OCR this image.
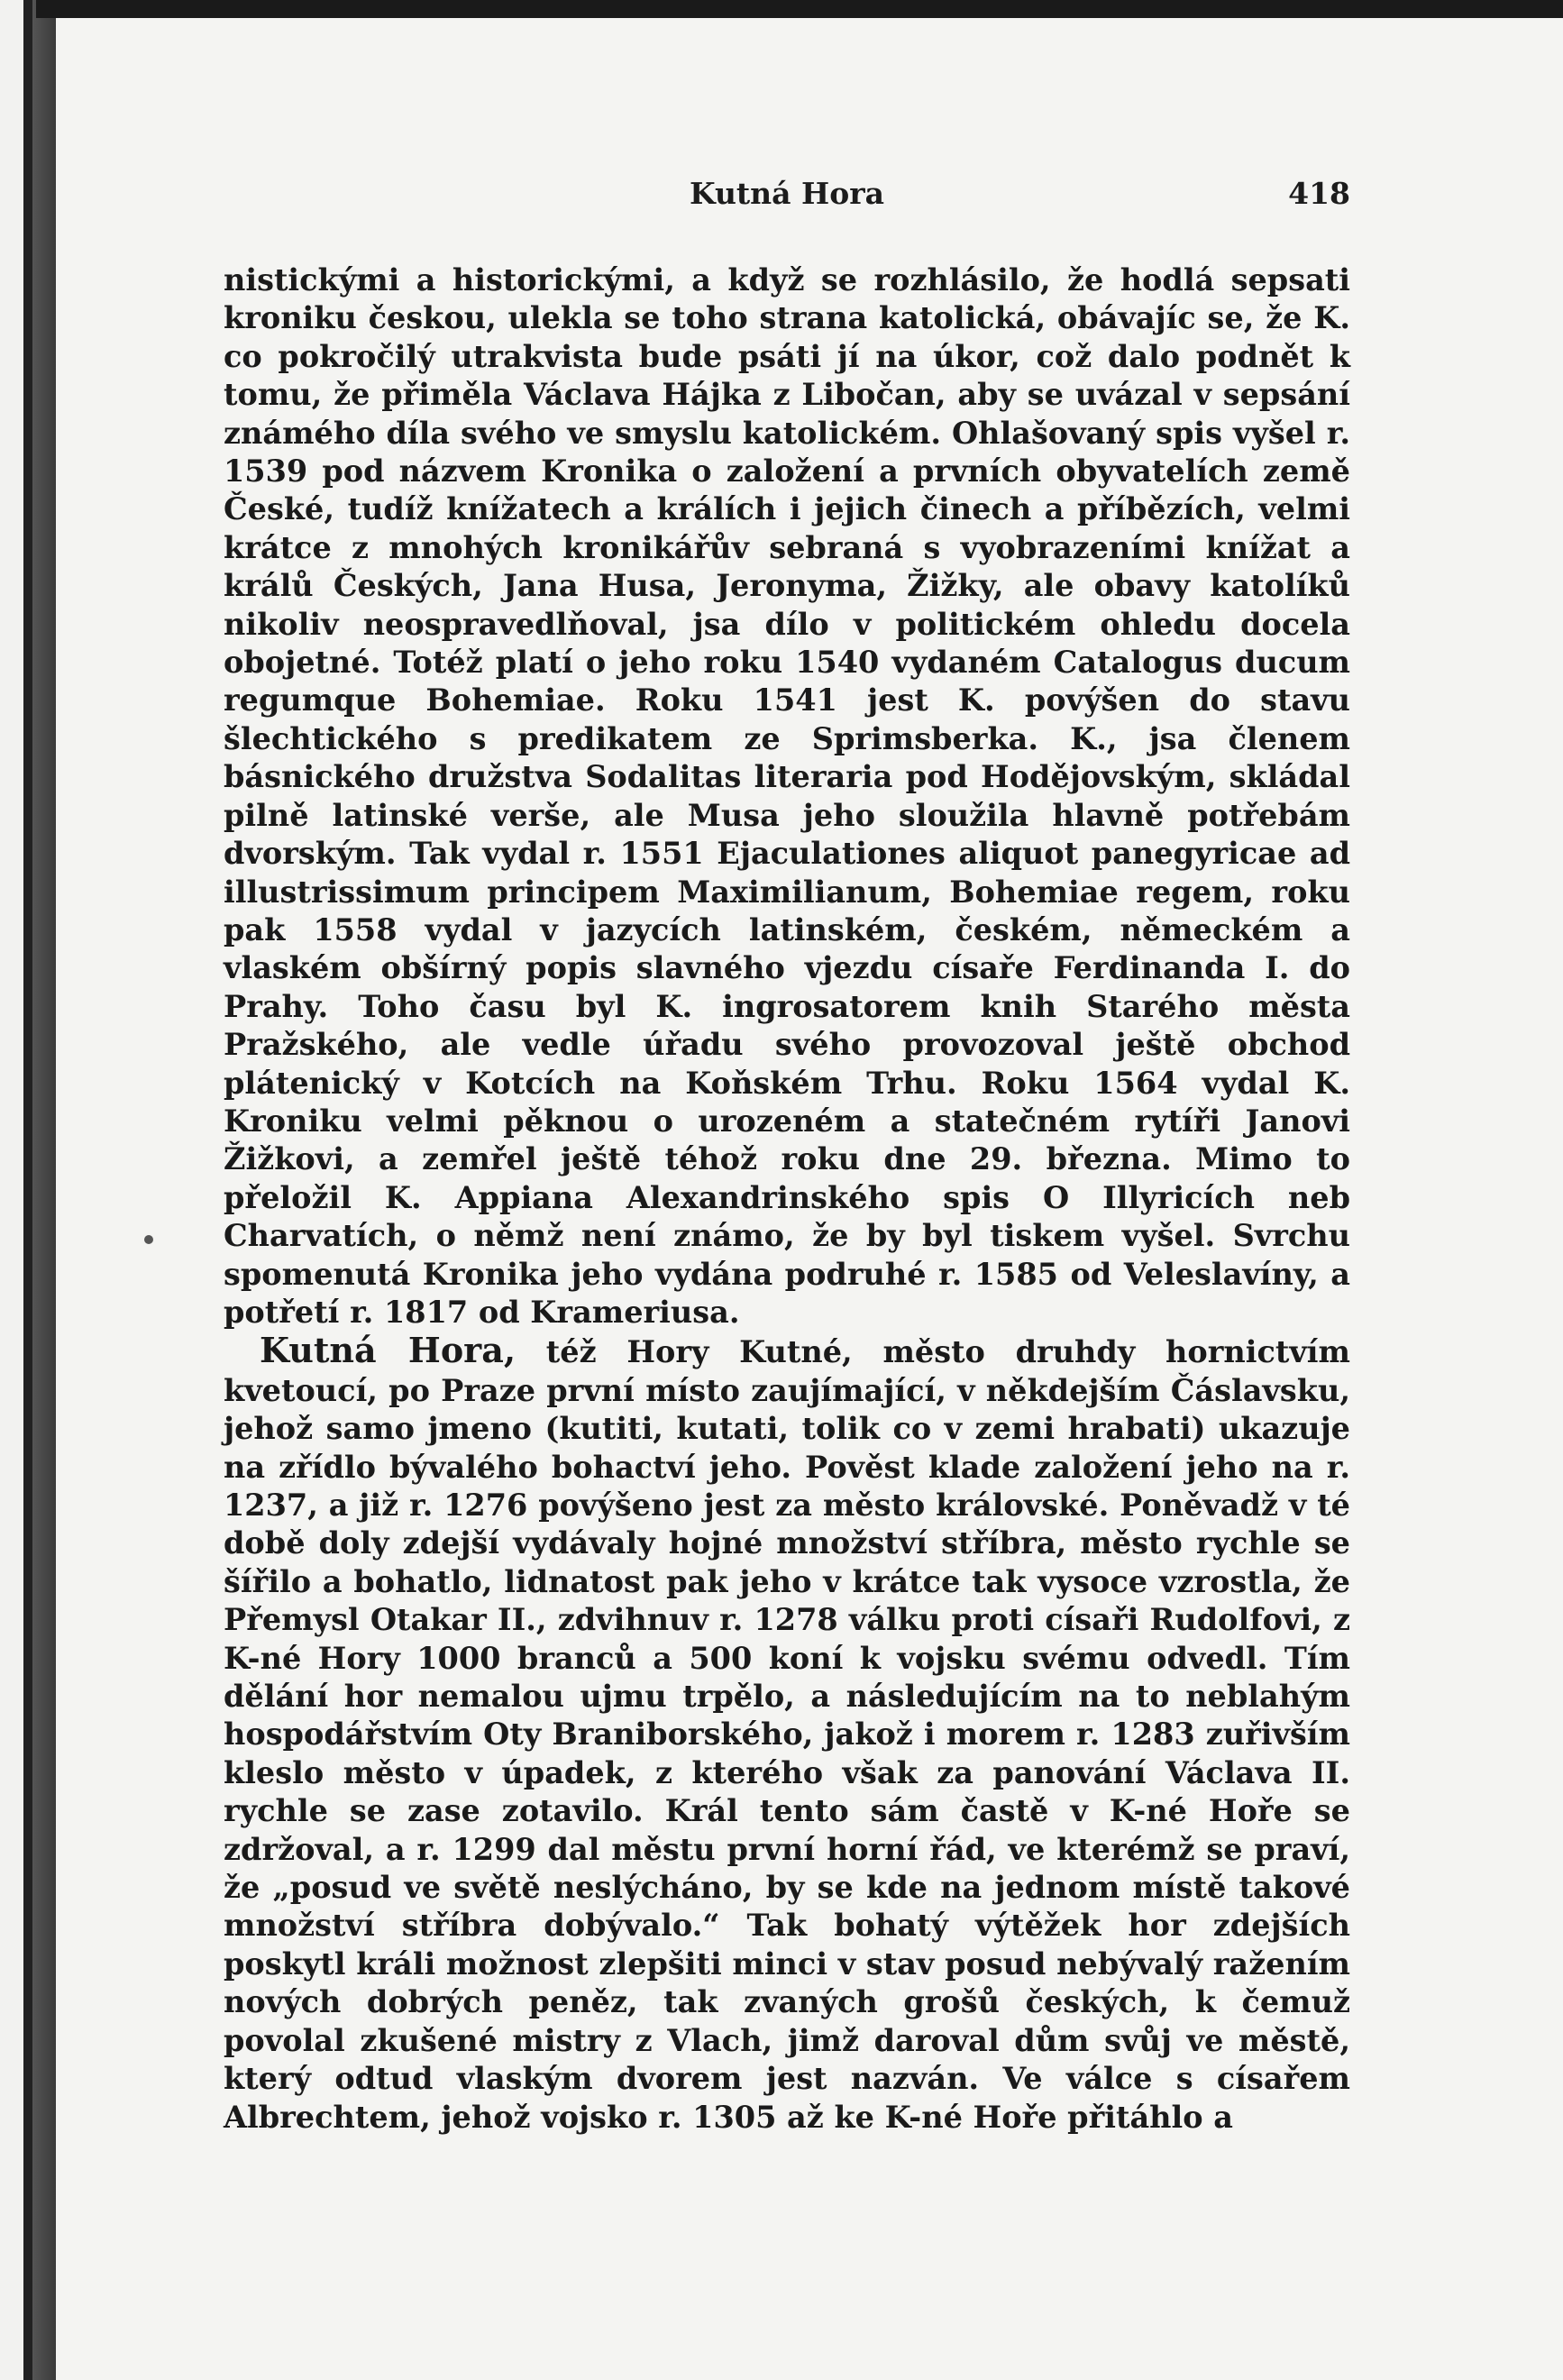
Kutná Hora	418

nistickými a historickými, a když se rozhlásilo, že hodlá sepsati kroniku českou, ulekla se toho strana katolická, obávajíc se, že K. co pokročilý utrakvista bude psáti jí na úkor, což dalo podnět k tomu, že přiměla Václava Hájka z Libočan, aby se uvázal v sepsání známého díla svého ve smyslu katolickém. Ohlašovaný spis vyšel r. 1539 pod názvem Kronika o založení a prvních obyvatelích země České, tudíž knížatech a králích i jejich činech a příbězích, velmi krátce z mnohých kronikářův sebraná s vyobrazeními knížat a králů Českých, Jana Husa, Jeronyma, Žižky, ale obavy katolíků nikoliv neospravedlňoval, jsa dílo v politickém ohledu docela obojetné. Totéž platí o jeho roku 1540 vydaném Catalogus ducum regumque Bohemiae. Roku 1541 jest K. povýšen do stavu šlechtického s predikatem ze Sprimsberka. K., jsa členem básnického družstva Sodalitas literaria pod Hodějovským, skládal pilně latinské verše, ale Musa jeho sloužila hlavně potřebám dvorským. Tak vydal r. 1551 Ejaculationes aliquot panegyricae ad illustrissimum principem Maximilianum, Bohemiae regem, roku pak 1558 vydal v jazycích latinském, českém, německém a vlaském obšírný popis slavného vjezdu císaře Ferdinanda I. do Prahy. Toho času byl K. ingrosatorem knih Starého města Pražského, ale vedle úřadu svého provozoval ještě obchod plátenický v Kotcích na Koňském Trhu. Roku 1564 vydal K. Kroniku velmi pěknou o urozeném a statečném rytíři Janovi Žižkovi, a zemřel ještě téhož roku dne 29. března. Mimo to přeložil K. Appiana Alexandrinského spis O Illyricích neb Charvatích, o němž není známo, že by byl tiskem vyšel. Svrchu spomenutá Kronika jeho vydána podruhé r. 1585 od Veleslavíny, a potřetí r. 1817 od Krameriusa.

Kutná Hora, též Hory Kutné, město druhdy hornictvím kvetoucí, po Praze první místo zaujímající, v někdejším Čáslavsku, jehož samo jmeno (kutiti, kutati, tolik co v zemi hrabati) ukazuje na zřídlo bývalého bohactví jeho. Pověst klade založení jeho na r. 1237, a již r. 1276 povýšeno jest za město královské. Poněvadž v té době doly zdejší vydávaly hojné množství stříbra, město rychle se šířilo a bohatlo, lidnatost pak jeho v krátce tak vysoce vzrostla, že Přemysl Otakar II., zdvihnuv r. 1278 válku proti císaři Rudolfovi, z K-né Hory 1000 branců a 500 koní k vojsku svému odvedl. Tím dělání hor nemalou ujmu trpělo, a následujícím na to neblahým hospodářstvím Oty Braniborského, jakož i morem r. 1283 zuřivším kleslo město v úpadek, z kterého však za panování Václava II. rychle se zase zotavilo. Král tento sám častě v K-né Hoře se zdržoval, a r. 1299 dal městu první horní řád, ve kterémž se praví, že „posud ve světě neslýcháno, by se kde na jednom místě takové množství stříbra dobývalo.“ Tak bohatý výtěžek hor zdejších poskytl králi možnost zlepšiti minci v stav posud nebývalý ražením nových dobrých peněz, tak zvaných grošů českých, k čemuž povolal zkušené mistry z Vlach, jimž daroval dům svůj ve městě, který odtud vlaským dvorem jest nazván. Ve válce s císařem Albrechtem, jehož vojsko r. 1305 až ke K-né Hoře přitáhlo a
